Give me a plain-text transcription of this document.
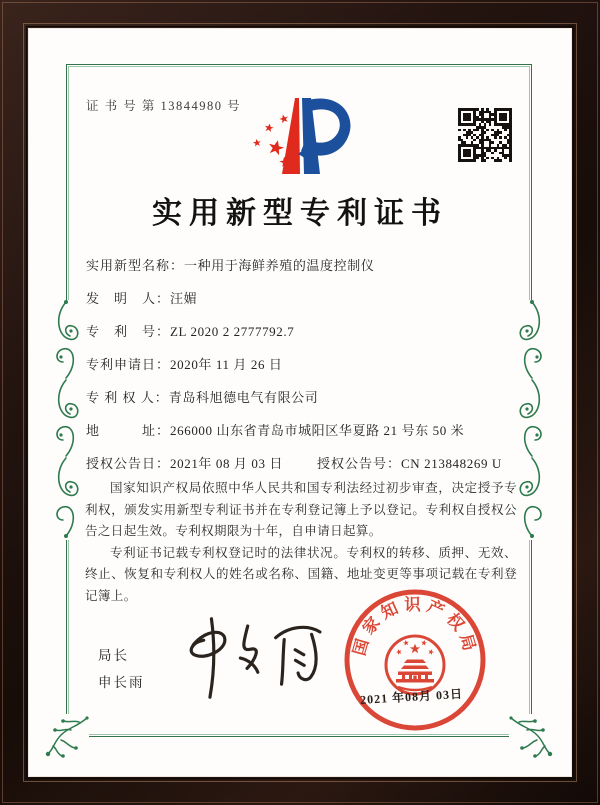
证 书 号 第 13844980 号
实用新型专利证书
实用新型名称：一种用于海鲜养殖的温度控制仪
发　明　人：汪媚
专　利　号：ZL 2020 2 2777792.7
专利申请日：2020年 11 月 26 日
专 利 权 人：青岛科旭德电气有限公司
地　　　址：266000 山东省青岛市城阳区华夏路 21 号东 50 米
授权公告日：2021年 08 月 03 日	授权公告号：CN 213848269 U

国家知识产权局依照中华人民共和国专利法经过初步审查，决定授予专利权，颁发实用新型专利证书并在专利登记簿上予以登记。专利权自授权公告之日起生效。专利权期限为十年，自申请日起算。

专利证书记载专利权登记时的法律状况。专利权的转移、质押、无效、终止、恢复和专利权人的姓名或名称、国籍、地址变更等事项记载在专利登记簿上。

局长
申长雨
国家知识产权局
2021 年08月 03日
